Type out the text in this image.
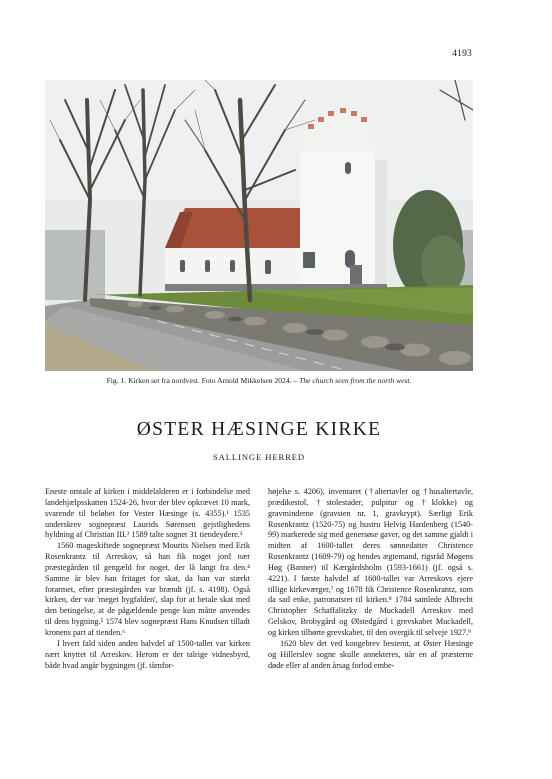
4193
Fig. 1. Kirken set fra nordvest. Foto Arnold Mikkelsen 2024. – The church seen from the north west.
ØSTER HÆSINGE KIRKE
SALLINGE HERRED

Eneste omtale af kirken i middelalderen er i forbindelse med landehjælpsskatten 1524-26, hvor der blev opkrævet 10 mark, svarende til beløbet for Vester Hæsinge (s. 4355).¹ 1535 underskrev sognepræst Laurids Sørensen gejstlighedens hyldning af Christian III.² 1589 talte sognet 31 tiendeydere.³

1560 mageskiftede sognepræst Mourits Nielsen med Erik Rosenkrantz til Arreskov, så han fik noget jord nær præstegården til gengæld for noget, der lå langt fra den.⁴ Samme år blev han fritaget for skat, da han var stærkt forarmet, efter præstegården var brændt (jf. s. 4198). Også kirken, der var 'meget bygfalden', slap for at betale skat med den betingelse, at de pågældende penge kun måtte anvendes til dens bygning.⁵ 1574 blev sognepræst Hans Knudsen tilladt kronens part af tienden.⁶

I hvert fald siden anden halvdel af 1500-tallet var kirken nært knyttet til Arreskov. Herom er der talrige vidnesbyrd, både hvad angår bygningen (jf. tårnfor-

højelse s. 4206), inventaret (†altertavler og †husaltertavle, prædikestol, †stolestader, pulpitur og †klokke) og gravminderne (gravsten nr. 1, gravkrypt). Særligt Erik Rosenkrantz (1520-75) og hustru Helvig Hardenberg (1540-99) markerede sig med genersøse gaver, og det samme gjaldt i midten af 1600-tallet deres sønnedatter Christence Rosenkrantz (1609-79) og hendes ægtemand, rigsråd Møgens Høg (Banner) til Kærgårdsholm (1593-1661) (jf. også s. 4221). I første halvdel af 1600-tallet var Arreskovs ejere tillige kirkeværger,⁷ og 1678 fik Christence Rosenkrantz, som da sad enke, patronatsret til kirken.⁸ 1784 samlede Albrecht Christopher Schaffalitzky de Muckadell Arreskov med Gelskov, Brobygård og Ølstedgård i grevskabet Muckadell, og kirken tilhørte grevskabet, til den overgik til selveje 1927.⁹

1620 blev det ved kongebrev bestemt, at Øster Hæsinge og Hillerslev sogne skulle annekteres, når en af præsterne døde eller af anden årsag forlod embe-
